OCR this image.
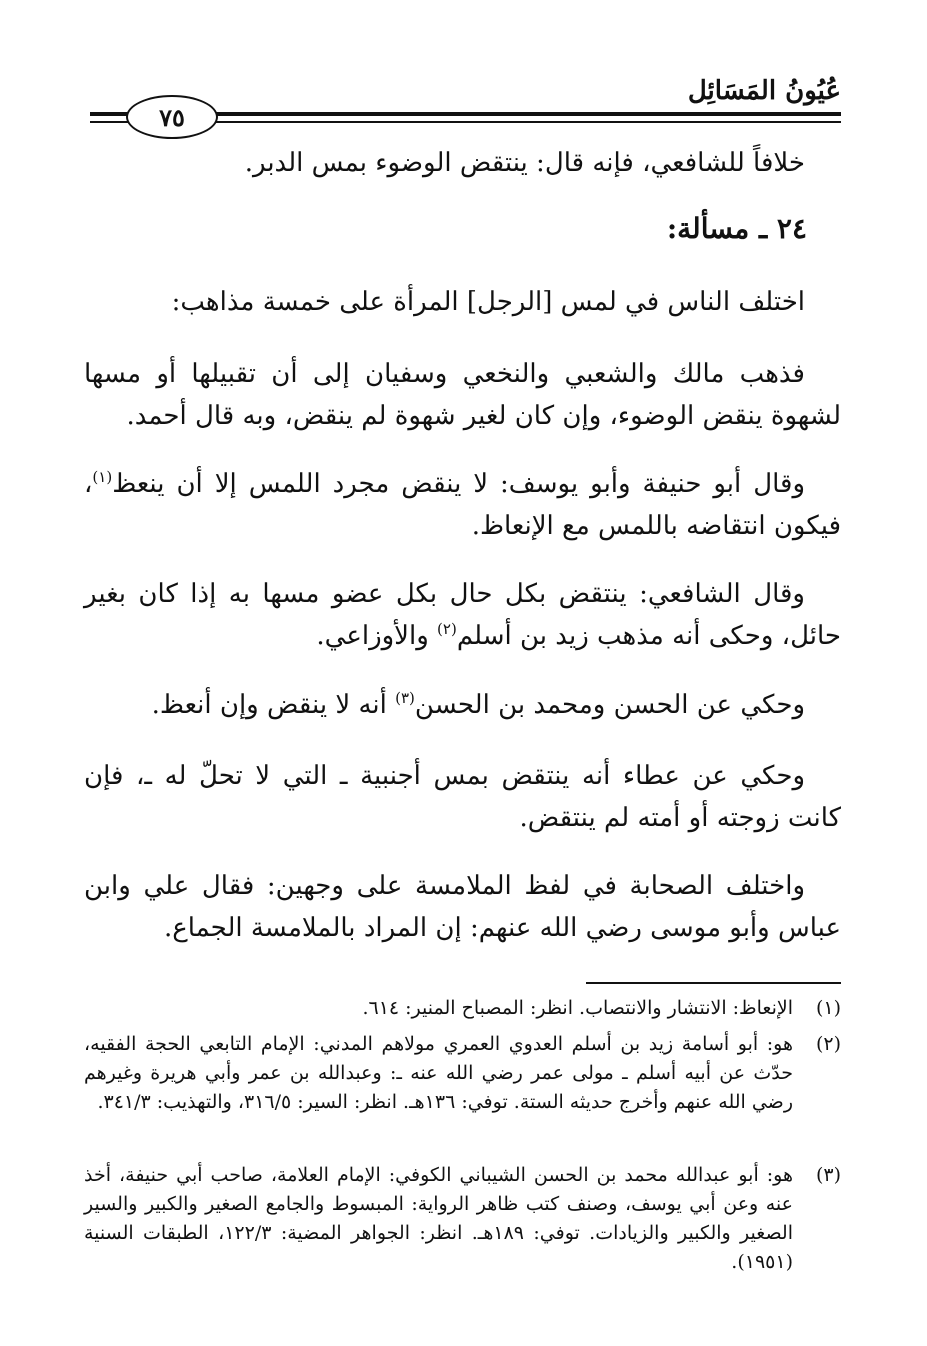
عُيُونُ المَسَائِل
٧٥
خلافاً للشافعي، فإنه قال: ينتقض الوضوء بمس الدبر.
٢٤ ـ مسألة:
اختلف الناس في لمس [الرجل] المرأة على خمسة مذاهب:
فذهب مالك والشعبي والنخعي وسفيان إلى أن تقبيلها أو مسها لشهوة ينقض الوضوء، وإن كان لغير شهوة لم ينقض، وبه قال أحمد.
وقال أبو حنيفة وأبو يوسف: لا ينقض مجرد اللمس إلا أن ينعظ$^{(١)}$، فيكون انتقاضه باللمس مع الإنعاظ.
وقال الشافعي: ينتقض بكل حال بكل عضو مسها به إذا كان بغير حائل، وحكى أنه مذهب زيد بن أسلم$^{(٢)}$ والأوزاعي.
وحكي عن الحسن ومحمد بن الحسن$^{(٣)}$ أنه لا ينقض وإن أنعظ.
وحكي عن عطاء أنه ينتقض بمس أجنبية ـ التي لا تحلّ له ـ، فإن كانت زوجته أو أمته لم ينتقض.
واختلف الصحابة في لفظ الملامسة على وجهين: فقال علي وابن عباس وأبو موسى رضي الله عنهم: إن المراد بالملامسة الجماع.
(١)
الإنعاظ: الانتشار والانتصاب. انظر: المصباح المنير: ٦١٤.
(٢)
هو: أبو أسامة زيد بن أسلم العدوي العمري مولاهم المدني: الإمام التابعي الحجة الفقيه، حدّث عن أبيه أسلم ـ مولى عمر رضي الله عنه ـ: وعبدالله بن عمر وأبي هريرة وغيرهم رضي الله عنهم وأخرج حديثه الستة. توفي: ١٣٦هـ. انظر: السير: ٣١٦/٥، والتهذيب: ٣٤١/٣.
(٣)
هو: أبو عبدالله محمد بن الحسن الشيباني الكوفي: الإمام العلامة، صاحب أبي حنيفة، أخذ عنه وعن أبي يوسف، وصنف كتب ظاهر الرواية: المبسوط والجامع الصغير والكبير والسير الصغير والكبير والزيادات. توفي: ١٨٩هـ. انظر: الجواهر المضية: ١٢٢/٣، الطبقات السنية (١٩٥١).
